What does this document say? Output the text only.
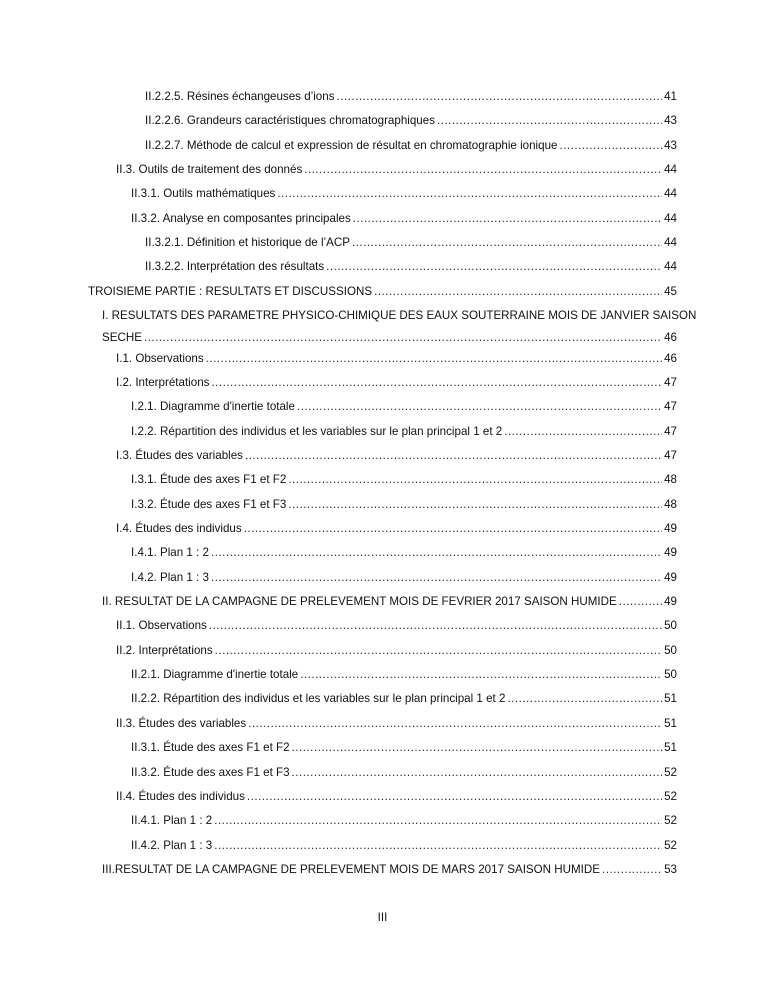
II.2.2.5. Résines échangeuses d’ions .....	41
II.2.2.6. Grandeurs caractéristiques chromatographiques .....	43
II.2.2.7. Méthode de calcul et expression de résultat en chromatographie ionique .....	43
II.3. Outils de traitement des donnés .....	44
II.3.1. Outils mathématiques .....	44
II.3.2. Analyse en composantes principales .....	44
II.3.2.1. Définition et historique de l’ACP .....	44
II.3.2.2. Interprétation des résultats .....	44
TROISIEME PARTIE : RESULTATS ET DISCUSSIONS .....	45
I. RESULTATS DES PARAMETRE PHYSICO-CHIMIQUE DES EAUX SOUTERRAINE MOIS DE JANVIER SAISON
SECHE .....	46
I.1. Observations .....	46
I.2. Interprétations .....	47
I.2.1. Diagramme d'inertie totale .....	47
I.2.2. Répartition des individus et les variables sur le plan principal 1 et 2 .....	47
I.3. Études des variables .....	47
I.3.1. Étude des axes F1 et F2 .....	48
I.3.2. Étude des axes F1 et F3 .....	48
I.4. Études des individus .....	49
I.4.1. Plan 1 : 2 .....	49
I.4.2. Plan 1 : 3 .....	49
II. RESULTAT DE LA CAMPAGNE DE PRELEVEMENT MOIS DE FEVRIER 2017 SAISON HUMIDE .....	49
II.1. Observations .....	50
II.2. Interprétations .....	50
II.2.1. Diagramme d'inertie totale .....	50
II.2.2. Répartition des individus et les variables sur le plan principal 1 et 2 .....	51
II.3. Études des variables .....	51
II.3.1. Étude des axes F1 et F2 .....	51
II.3.2. Étude des axes F1 et F3 .....	52
II.4. Études des individus .....	52
II.4.1. Plan 1 : 2 .....	52
II.4.2. Plan 1 : 3 .....	52
III.RESULTAT DE LA CAMPAGNE DE PRELEVEMENT MOIS DE MARS 2017 SAISON HUMIDE .....	53
III
